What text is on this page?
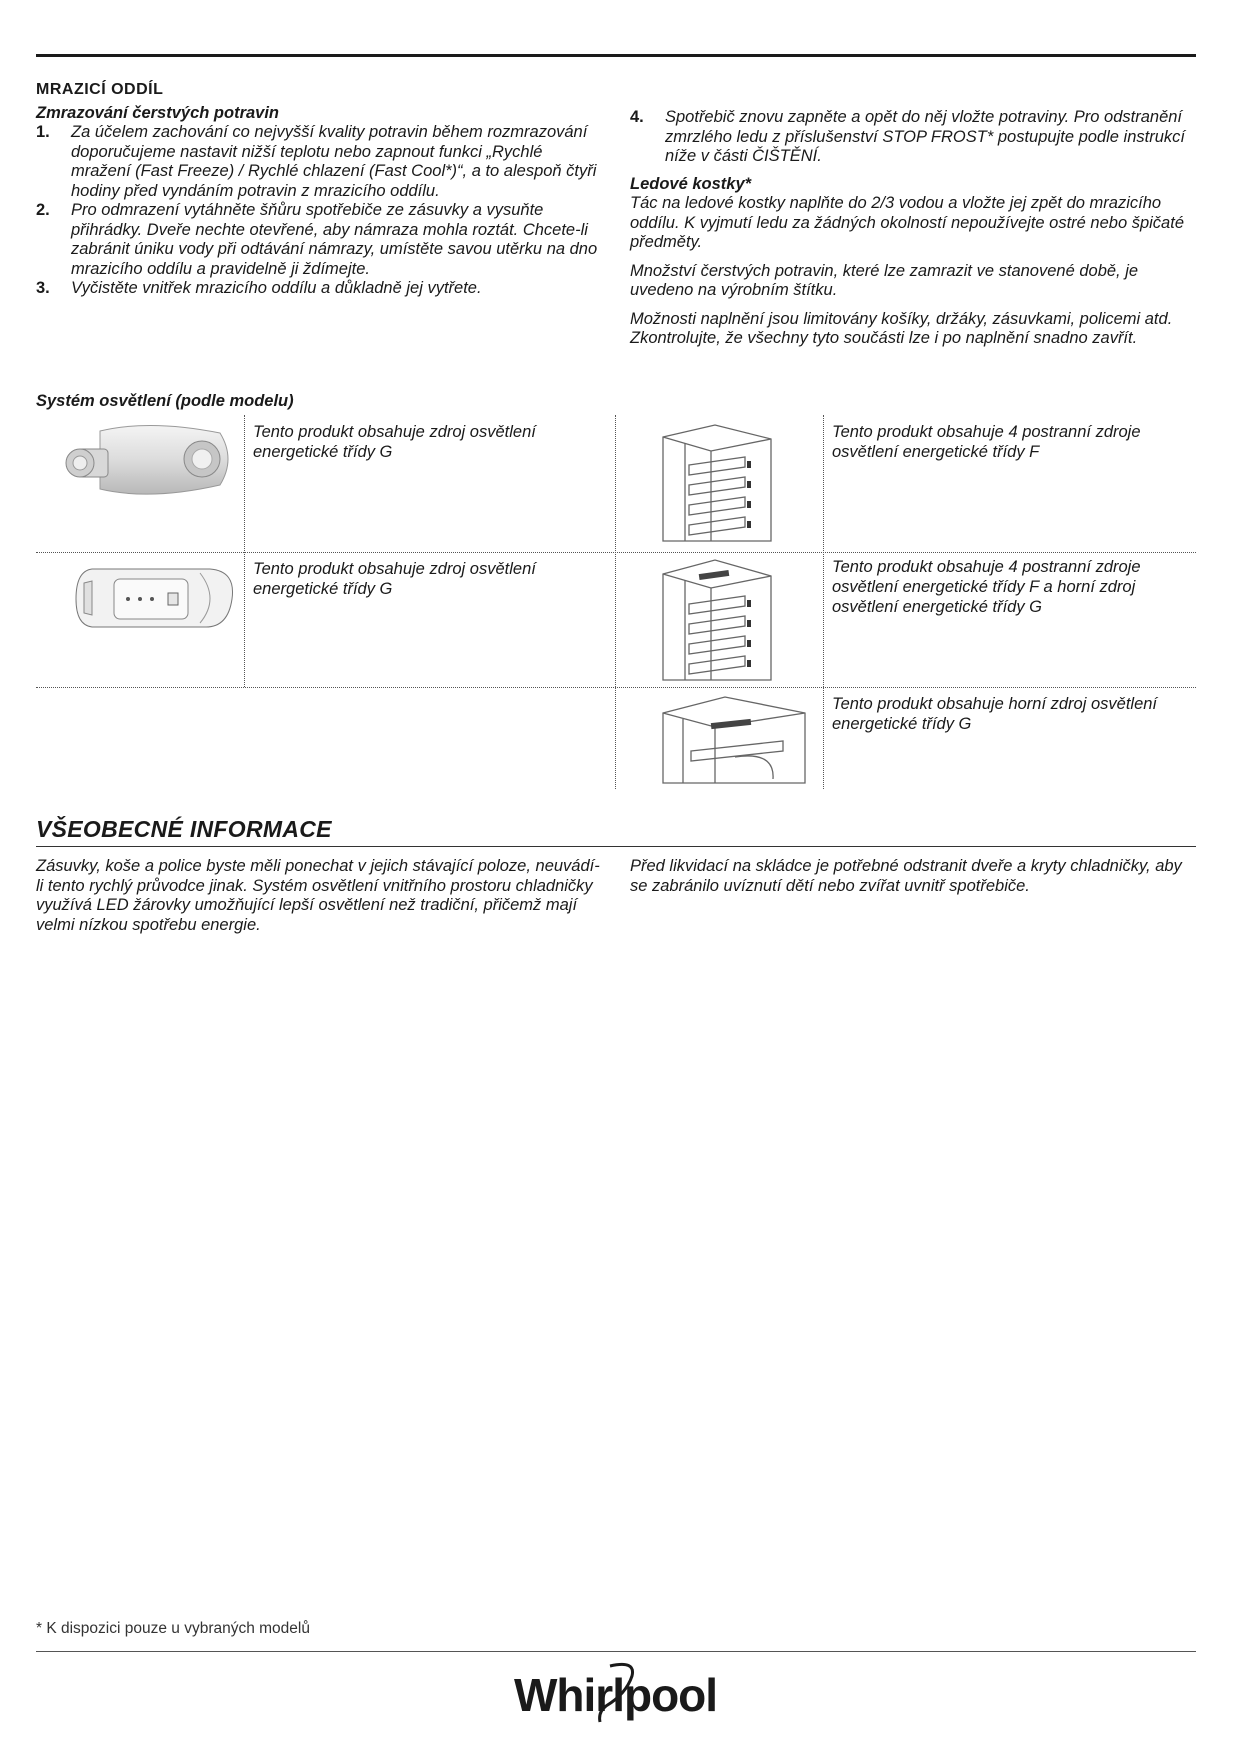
MRAZICÍ ODDÍL
Zmrazování čerstvých potravin
1. Za účelem zachování co nejvyšší kvality potravin během rozmrazování doporučujeme nastavit nižší teplotu nebo zapnout funkci „Rychlé mražení (Fast Freeze) / Rychlé chlazení (Fast Cool*)“, a to alespoň čtyři hodiny před vyndáním potravin z mrazicího oddílu.
2. Pro odmrazení vytáhněte šňůru spotřebiče ze zásuvky a vysuňte přihrádky. Dveře nechte otevřené, aby námraza mohla roztát. Chcete-li zabránit úniku vody při odtávání námrazy, umístěte savou utěrku na dno mrazicího oddílu a pravidelně ji ždímejte.
3. Vyčistěte vnitřek mrazicího oddílu a důkladně jej vytřete.
4. Spotřebič znovu zapněte a opět do něj vložte potraviny. Pro odstranění zmrzlého ledu z příslušenství STOP FROST* postupujte podle instrukcí níže v části ČIŠTĚNÍ.
Ledové kostky*

Tác na ledové kostky naplňte do 2/3 vodou a vložte jej zpět do mrazicího oddílu. K vyjmutí ledu za žádných okolností nepoužívejte ostré nebo špičaté předměty.

Množství čerstvých potravin, které lze zamrazit ve stanovené době, je uvedeno na výrobním štítku.

Možnosti naplnění jsou limitovány košíky, držáky, zásuvkami, policemi atd. Zkontrolujte, že všechny tyto součásti lze i po naplnění snadno zavřít.

Systém osvětlení (podle modelu)
Tento produkt obsahuje zdroj osvětlení energetické třídy G
Tento produkt obsahuje 4 postranní zdroje osvětlení energetické třídy F
Tento produkt obsahuje zdroj osvětlení energetické třídy G
Tento produkt obsahuje 4 postranní zdroje osvětlení energetické třídy F a horní zdroj osvětlení energetické třídy G
Tento produkt obsahuje horní zdroj osvětlení energetické třídy G
VŠEOBECNÉ INFORMACE
Zásuvky, koše a police byste měli ponechat v jejich stávající poloze, neuvádí-li tento rychlý průvodce jinak. Systém osvětlení vnitřního prostoru chladničky využívá LED žárovky umožňující lepší osvětlení než tradiční, přičemž mají velmi nízkou spotřebu energie.
Před likvidací na skládce je potřebné odstranit dveře a kryty chladničky, aby se zabránilo uvíznutí dětí nebo zvířat uvnitř spotřebiče.
* K dispozici pouze u vybraných modelů
Whirlpool
